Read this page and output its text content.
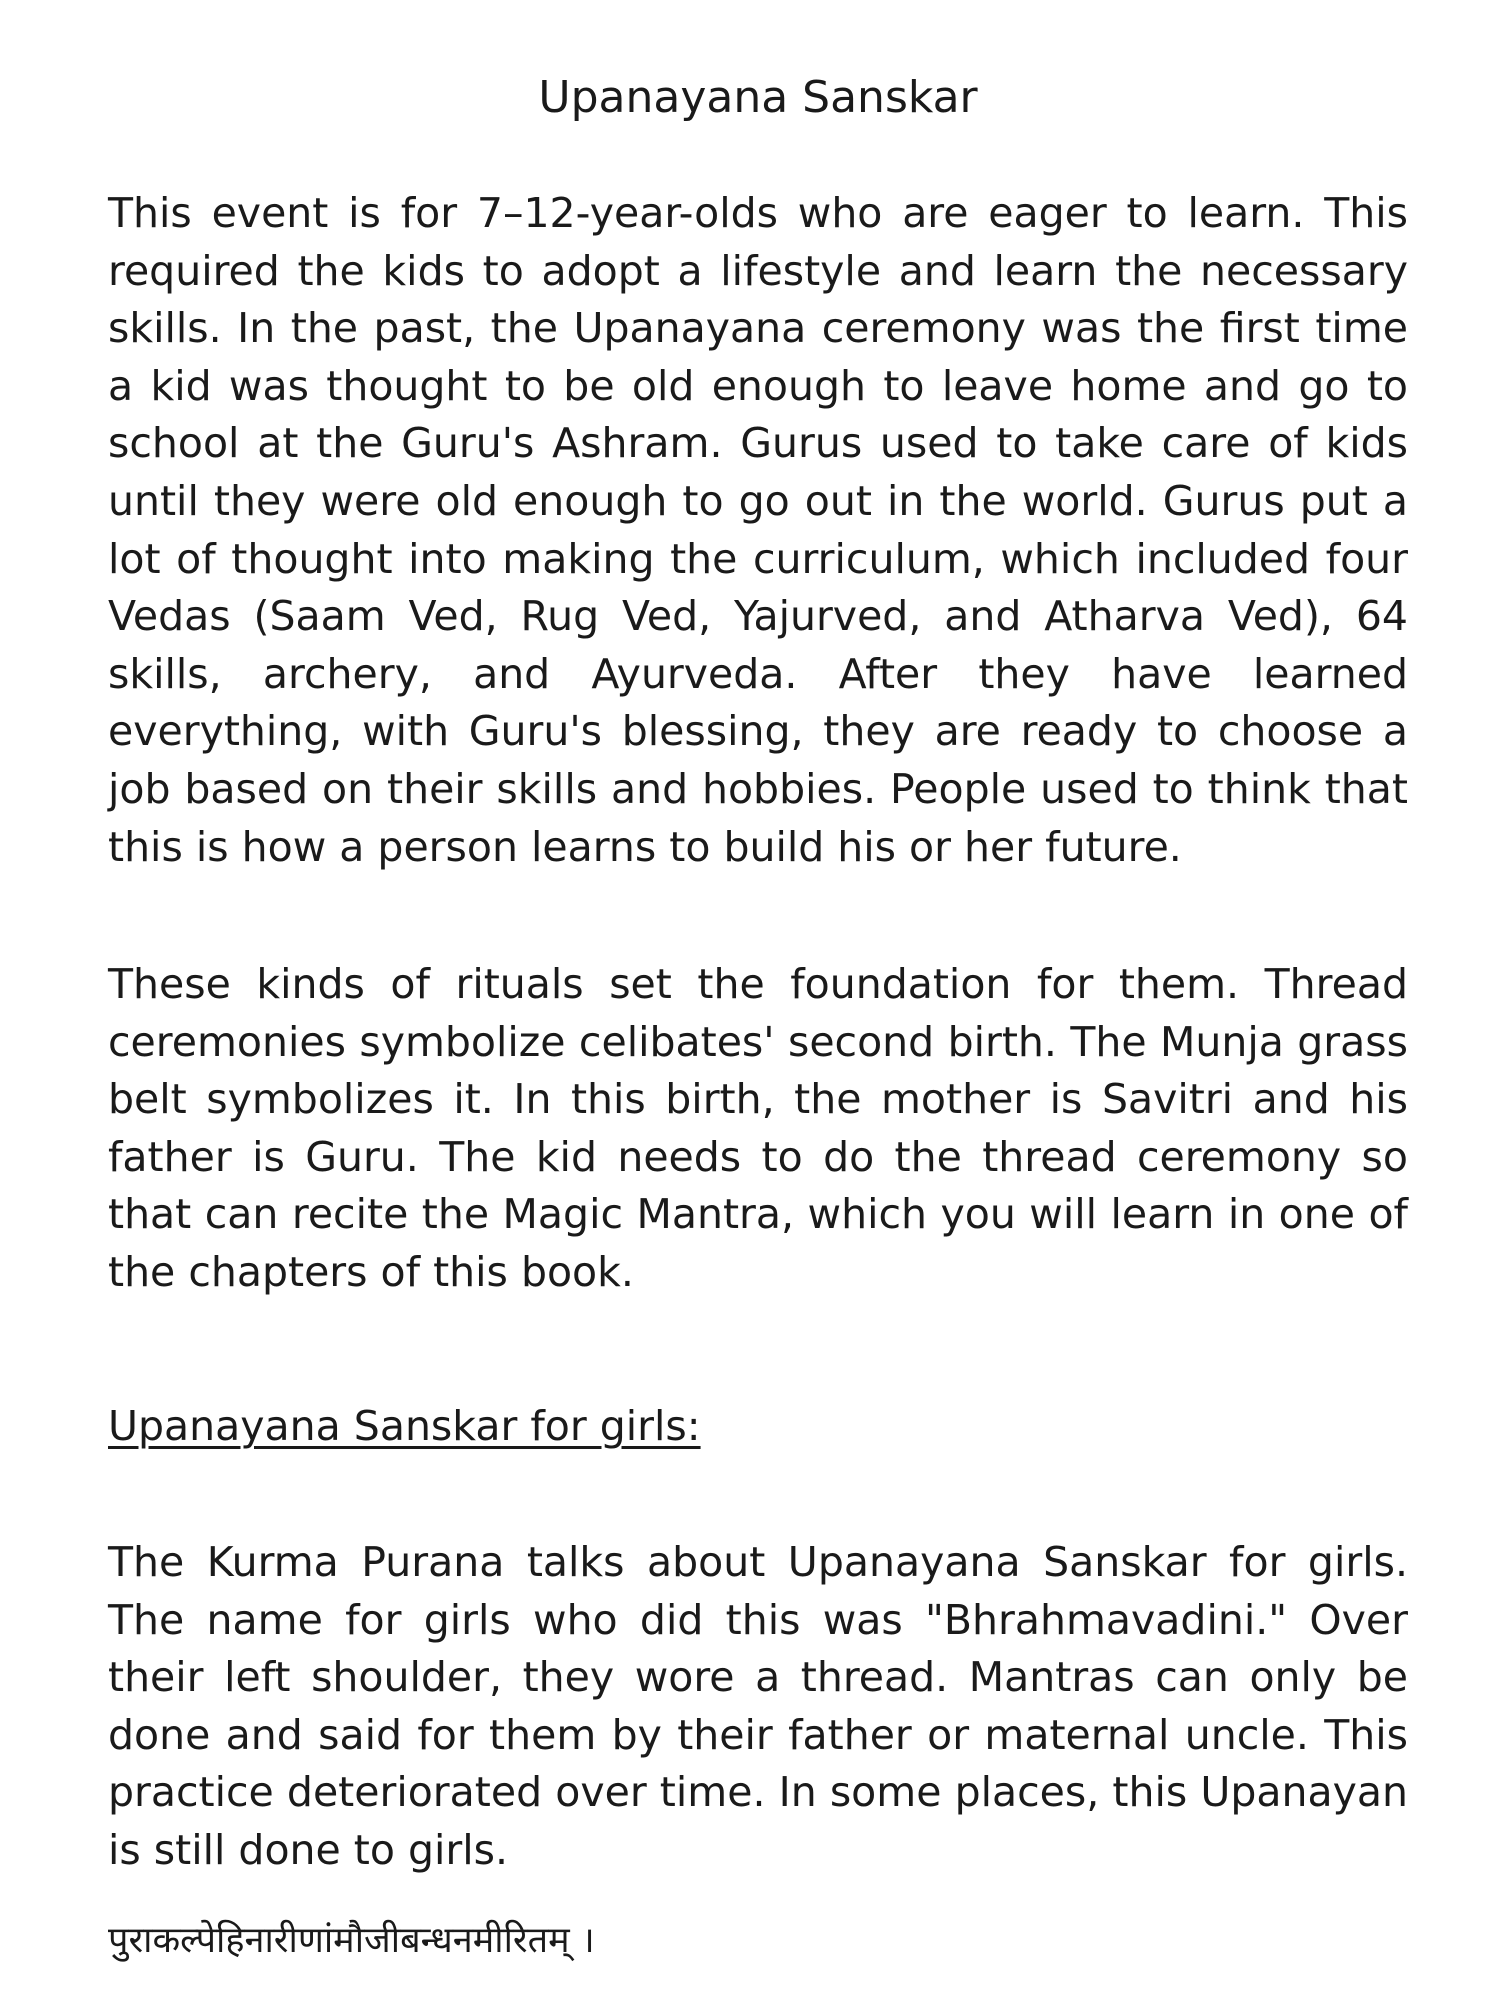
Upanayana Sanskar

This event is for 7–12-year-olds who are eager to learn. This required the kids to adopt a lifestyle and learn the necessary skills. In the past, the Upanayana ceremony was the first time a kid was thought to be old enough to leave home and go to school at the Guru's Ashram. Gurus used to take care of kids until they were old enough to go out in the world. Gurus put a lot of thought into making the curriculum, which included four Vedas (Saam Ved, Rug Ved, Yajurved, and Atharva Ved), 64 skills, archery, and Ayurveda. After they have learned everything, with Guru's blessing, they are ready to choose a job based on their skills and hobbies. People used to think that this is how a person learns to build his or her future.

These kinds of rituals set the foundation for them. Thread ceremonies symbolize celibates' second birth. The Munja grass belt symbolizes it. In this birth, the mother is Savitri and his father is Guru. The kid needs to do the thread ceremony so that can recite the Magic Mantra, which you will learn in one of the chapters of this book.

Upanayana Sanskar for girls:

The Kurma Purana talks about Upanayana Sanskar for girls. The name for girls who did this was "Bhrahmavadini." Over their left shoulder, they wore a thread. Mantras can only be done and said for them by their father or maternal uncle. This practice deteriorated over time. In some places, this Upanayan is still done to girls.

पुराकल्पेहिनारीणांमौजीबन्धनमीरितम् ।
